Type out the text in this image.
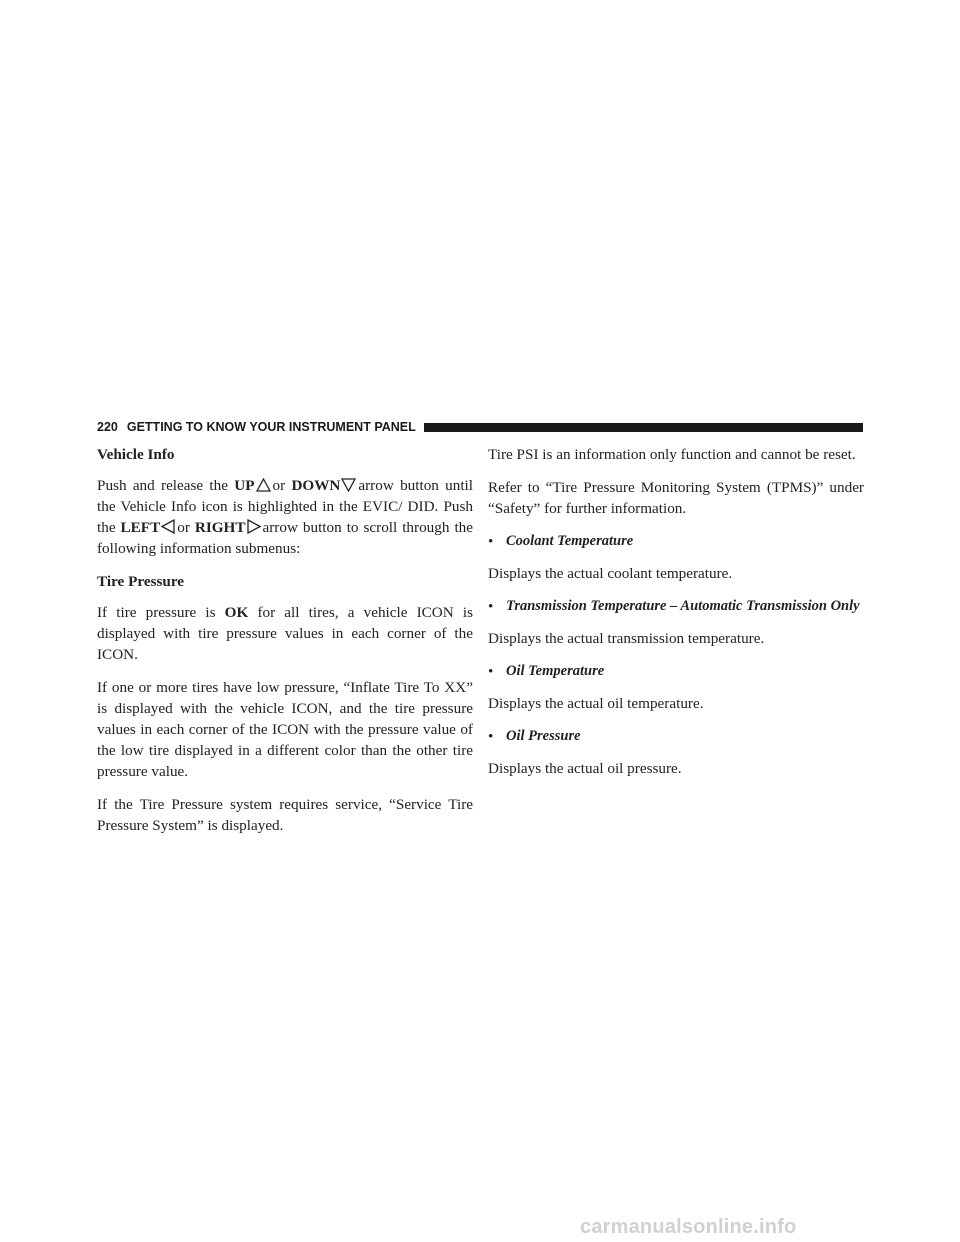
220 GETTING TO KNOW YOUR INSTRUMENT PANEL
Vehicle Info

Push and release the UP or DOWN arrow button until the Vehicle Info icon is highlighted in the EVIC/ DID. Push the LEFT or RIGHT arrow button to scroll through the following information submenus:

Tire Pressure

If tire pressure is OK for all tires, a vehicle ICON is displayed with tire pressure values in each corner of the ICON.

If one or more tires have low pressure, “Inflate Tire To XX” is displayed with the vehicle ICON, and the tire pressure values in each corner of the ICON with the pressure value of the low tire displayed in a different color than the other tire pressure value.

If the Tire Pressure system requires service, “Service Tire Pressure System” is displayed.

Tire PSI is an information only function and cannot be reset.

Refer to “Tire Pressure Monitoring System (TPMS)” under “Safety” for further information.

• Coolant Temperature

Displays the actual coolant temperature.

• Transmission Temperature – Automatic Transmission Only

Displays the actual transmission temperature.

• Oil Temperature

Displays the actual oil temperature.

• Oil Pressure

Displays the actual oil pressure.

carmanualsonline.info
